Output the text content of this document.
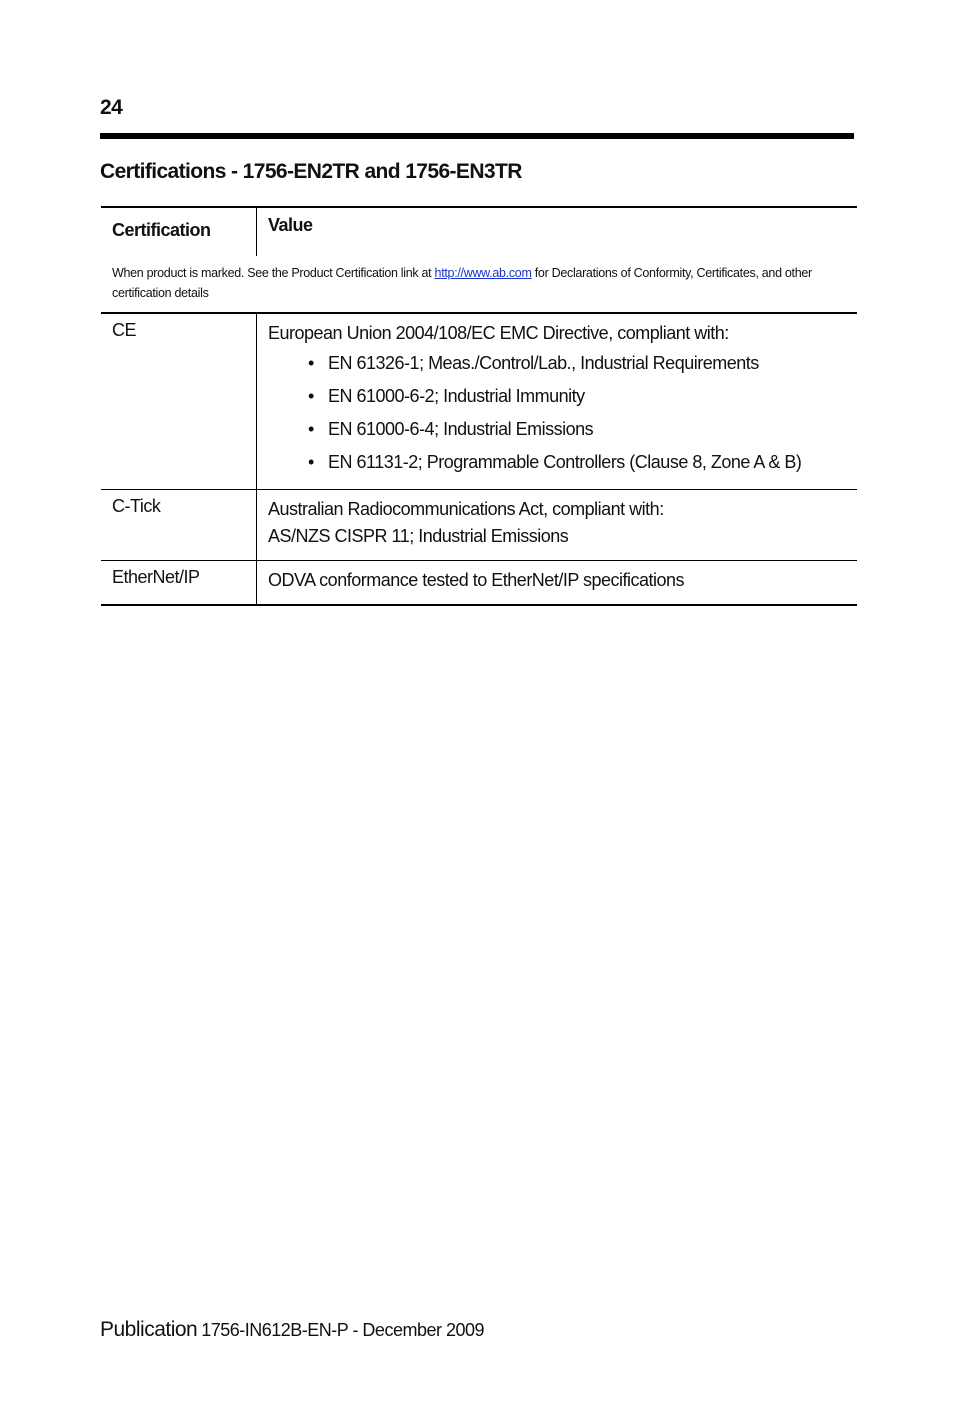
24
Certifications - 1756-EN2TR and 1756-EN3TR
Certification	Value
When product is marked. See the Product Certification link at http://www.ab.com for Declarations of Conformity, Certificates, and other certification details
CE	European Union 2004/108/EC EMC Directive, compliant with:
• EN 61326-1; Meas./Control/Lab., Industrial Requirements
• EN 61000-6-2; Industrial Immunity
• EN 61000-6-4; Industrial Emissions
• EN 61131-2; Programmable Controllers (Clause 8, Zone A & B)
C-Tick	Australian Radiocommunications Act, compliant with:
AS/NZS CISPR 11; Industrial Emissions
EtherNet/IP	ODVA conformance tested to EtherNet/IP specifications
Publication 1756-IN612B-EN-P - December 2009
